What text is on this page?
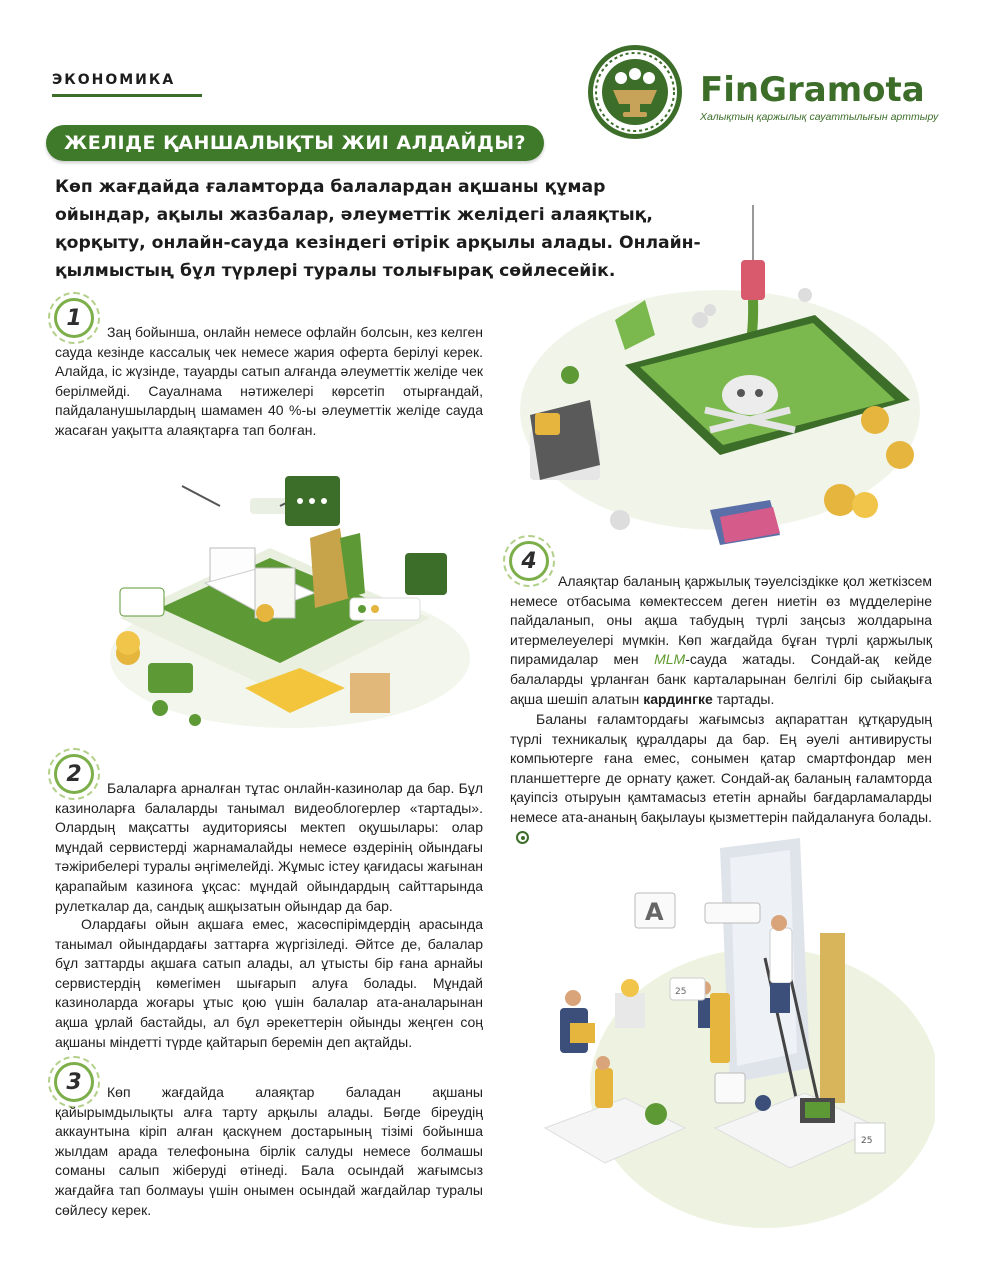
ЭКОНОМИКА	FinGramota
Халықтың қаржылық сауаттылығын арттыру
ЖЕЛІДЕ ҚАНШАЛЫҚТЫ ЖИІ АЛДАЙДЫ?
Көп жағдайда ғаламторда балалардан ақшаны құмар ойындар, ақылы жазбалар, әлеуметтік желідегі алаяқтық, қорқыту, онлайн-сауда кезіндегі өтірік арқылы алады. Онлайн-қылмыстың бұл түрлері туралы толығырақ сөйлесейік.
1
Заң бойынша, онлайн немесе офлайн болсын, кез келген сауда кезінде кассалық чек немесе жария оферта берілуі керек. Алайда, іс жүзінде, тауарды сатып алғанда әлеуметтік желіде чек берілмейді. Сауалнама нәтижелері көрсетіп отырғандай, пайдаланушылардың шамамен 40 %-ы әлеуметтік желіде сауда жасаған уақытта алаяқтарға тап болған.
2
Балаларға арналған тұтас онлайн-казинолар да бар. Бұл казиноларға балаларды танымал видеоблогерлер «тартады». Олардың мақсатты аудиториясы мектеп оқушылары: олар мұндай сервистерді жарнамалайды немесе өздерінің ойындағы тәжірибелері туралы әңгімелейді. Жұмыс істеу қағидасы жағынан қарапайым казиноға ұқсас: мұндай ойындардың сайттарында рулеткалар да, сандық ашқызатын ойындар да бар.
Олардағы ойын ақшаға емес, жасөспірімдердің арасында танымал ойындардағы заттарға жүргізіледі. Әйтсе де, балалар бұл заттарды ақшаға сатып алады, ал ұтысты бір ғана арнайы сервистердің көмегімен шығарып алуға болады. Мұндай казиноларда жоғары ұтыс қою үшін балалар ата-аналарынан ақша ұрлай бастайды, ал бұл әрекеттерін ойынды жеңген соң ақшаны міндетті түрде қайтарып беремін деп ақтайды.
3	Көп жағдайда алаяқтар баладан ақшаны қайырымдылықты алға тарту арқылы алады. Бөгде біреудің аккаунтына кіріп алған қаскүнем достарының тізімі бойынша жылдам арада телефонына бірлік салуды немесе болмашы соманы салып жіберуді өтінеді. Бала осындай жағымсыз жағдайға тап болмауы үшін онымен осындай жағдайлар туралы сөйлесу керек.
4
Алаяқтар баланың қаржылық тәуелсіздікке қол жеткізсем немесе отбасыма көмектессем деген ниетін өз мүдделеріне пайдаланып, оны ақша табудың түрлі заңсыз жолдарына итермелеуелері мүмкін. Көп жағдайда бұған түрлі қаржылық пирамидалар мен MLM-сауда жатады. Сондай-ақ кейде балаларды ұрланған банк карталарынан белгілі бір сыйақыға ақша шешіп алатын кардингке тартады.
Баланы ғаламтордағы жағымсыз ақпараттан құтқарудың түрлі техникалық құралдары да бар. Ең әуелі антивирусты компьютерге ғана емес, сонымен қатар смартфондар мен планшеттерге де орнату қажет. Сондай-ақ баланың ғаламторда қауіпсіз отыруын қамтамасыз ететін арнайы бағдарламаларды немесе ата-ананың бақылауы қызметтерін пайдалануға болады.
A
25
25
